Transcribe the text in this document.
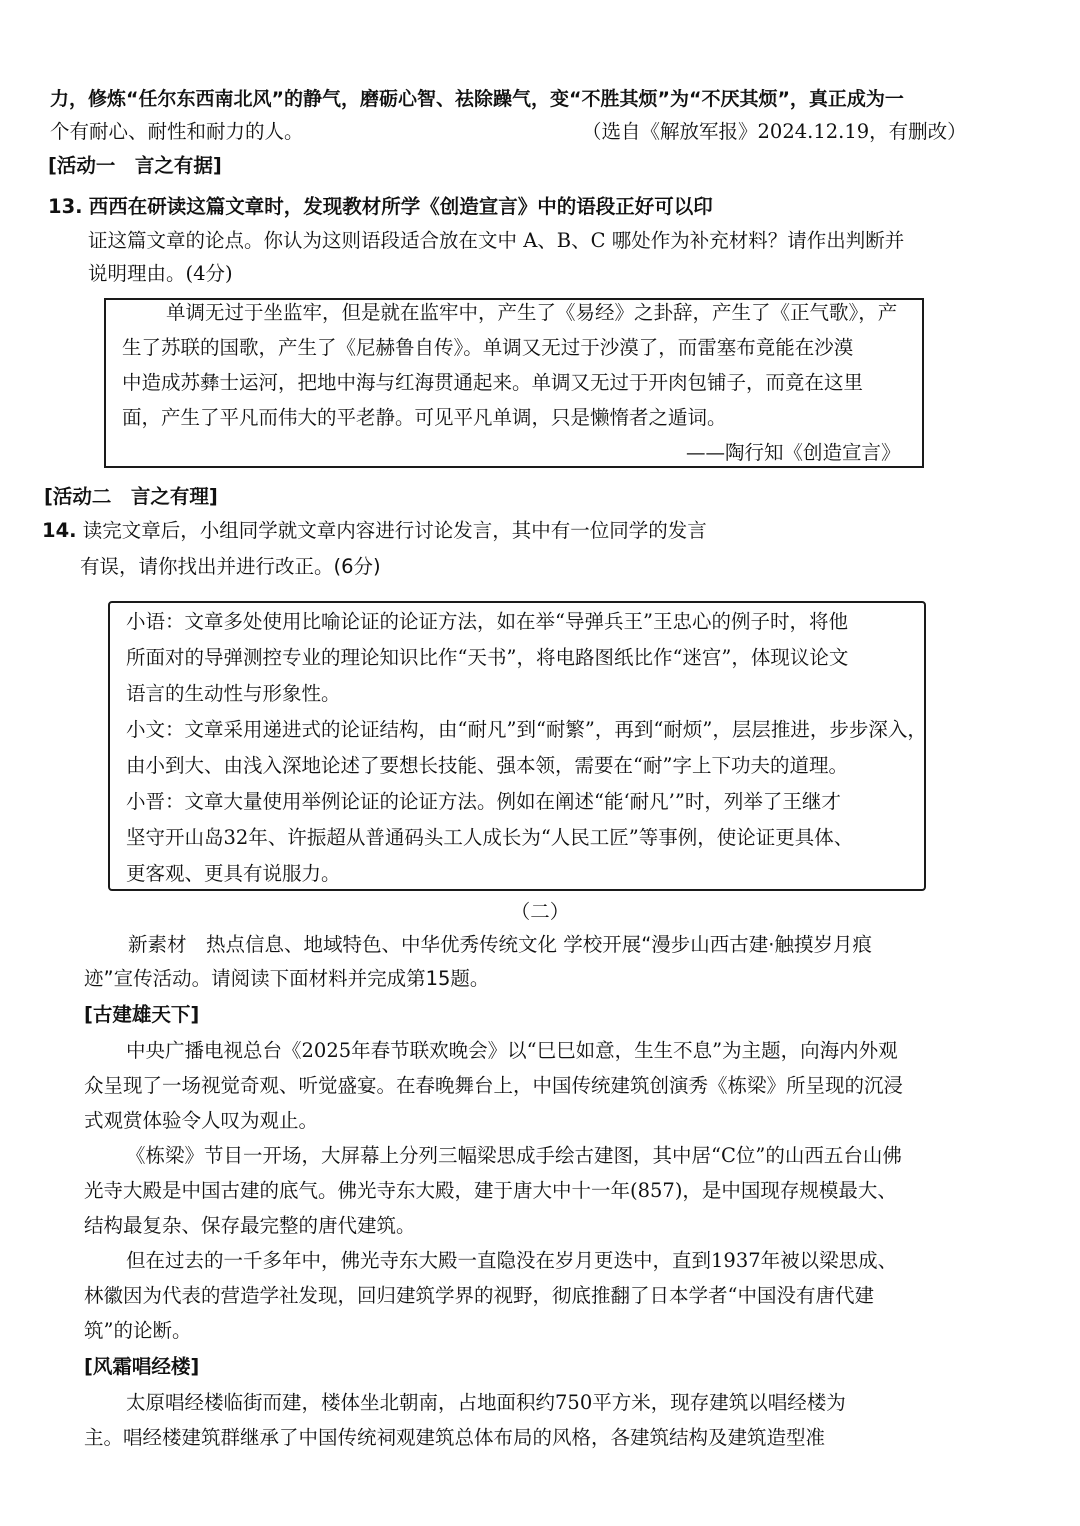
力，修炼“任尔东西南北风”的静气，磨砺心智、祛除躁气，变“不胜其烦”为“不厌其烦”，真正成为一
个有耐心、耐性和耐力的人。	（选自《解放军报》2024.12.19，有删改）
[活动一　言之有据]
13. 西西在研读这篇文章时，发现教材所学《创造宣言》中的语段正好可以印
证这篇文章的论点。你认为这则语段适合放在文中 A、B、C 哪处作为补充材料？请作出判断并
说明理由。(4分)
单调无过于坐监牢，但是就在监牢中，产生了《易经》之卦辞，产生了《正气歌》，产
生了苏联的国歌，产生了《尼赫鲁自传》。单调又无过于沙漠了，而雷塞布竟能在沙漠
中造成苏彝士运河，把地中海与红海贯通起来。单调又无过于开肉包铺子，而竟在这里
面，产生了平凡而伟大的平老静。可见平凡单调，只是懒惰者之遁词。
——陶行知《创造宣言》
[活动二　言之有理]
14. 读完文章后，小组同学就文章内容进行讨论发言，其中有一位同学的发言
有误，请你找出并进行改正。(6分)
小语：文章多处使用比喻论证的论证方法，如在举“导弹兵王”王忠心的例子时，将他
所面对的导弹测控专业的理论知识比作“天书”，将电路图纸比作“迷宫”，体现议论文
语言的生动性与形象性。
小文：文章采用递进式的论证结构，由“耐凡”到“耐繁”，再到“耐烦”，层层推进，步步深入，
由小到大、由浅入深地论述了要想长技能、强本领，需要在“耐”字上下功夫的道理。
小晋：文章大量使用举例论证的论证方法。例如在阐述“能‘耐凡’”时，列举了王继才
坚守开山岛32年、许振超从普通码头工人成长为“人民工匠”等事例，使论证更具体、
更客观、更具有说服力。
（二）
新素材　热点信息、地域特色、中华优秀传统文化 学校开展“漫步山西古建·触摸岁月痕
迹”宣传活动。请阅读下面材料并完成第15题。
[古建雄天下]
中央广播电视总台《2025年春节联欢晚会》以“巳巳如意，生生不息”为主题，向海内外观
众呈现了一场视觉奇观、听觉盛宴。在春晚舞台上，中国传统建筑创演秀《栋梁》所呈现的沉浸
式观赏体验令人叹为观止。
《栋梁》节目一开场，大屏幕上分列三幅梁思成手绘古建图，其中居“C位”的山西五台山佛
光寺大殿是中国古建的底气。佛光寺东大殿，建于唐大中十一年(857)，是中国现存规模最大、
结构最复杂、保存最完整的唐代建筑。
但在过去的一千多年中，佛光寺东大殿一直隐没在岁月更迭中，直到1937年被以梁思成、
林徽因为代表的营造学社发现，回归建筑学界的视野，彻底推翻了日本学者“中国没有唐代建
筑”的论断。
[风霜唱经楼]
太原唱经楼临街而建，楼体坐北朝南，占地面积约750平方米，现存建筑以唱经楼为
主。唱经楼建筑群继承了中国传统祠观建筑总体布局的风格，各建筑结构及建筑造型准
